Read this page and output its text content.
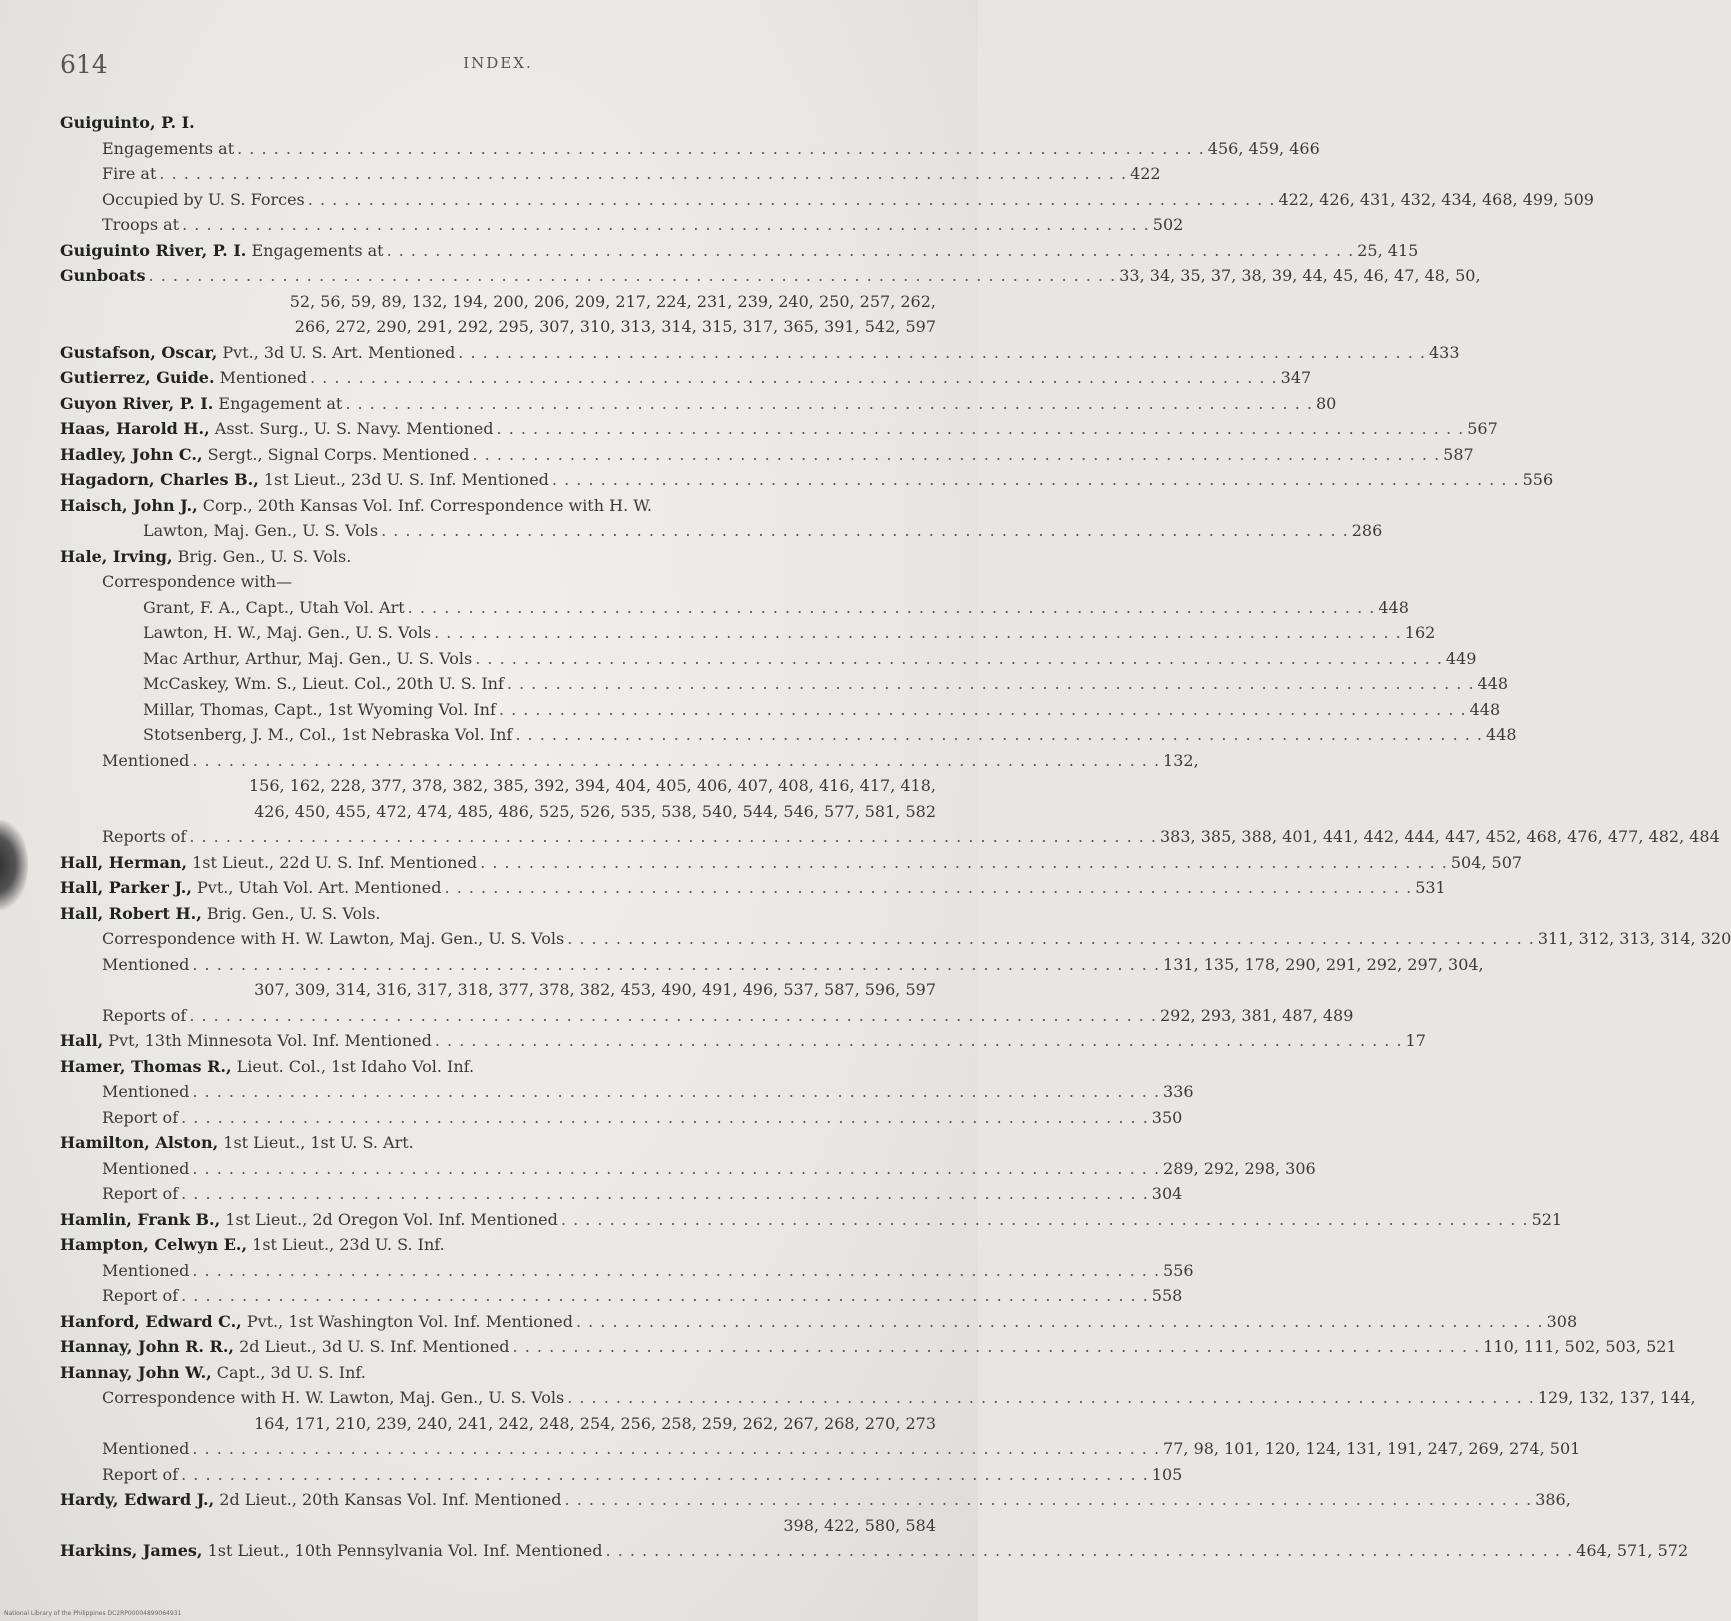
614	INDEX.
Guiguinto, P. I.
Engagements at . . . . . . . . . . . . . . . . . . . . . . . . . . . . . . . . . . . . . . . . . . . . . . . . . . . . . . . . . . . . . . . . . . . . . . . . . . . . . . . . 456, 459, 466
Fire at . . . . . . . . . . . . . . . . . . . . . . . . . . . . . . . . . . . . . . . . . . . . . . . . . . . . . . . . . . . . . . . . . . . . . . . . . . . . . . . . 422
Occupied by U. S. Forces . . . . . . . . . . . . . . . . . . . . . . . . . . . . . . . . . . . . . . . . . . . . . . . . . . . . . . . . . . . . . . . . . . . . . . . . . . . . . . . . 422, 426, 431, 432, 434, 468, 499, 509
Troops at . . . . . . . . . . . . . . . . . . . . . . . . . . . . . . . . . . . . . . . . . . . . . . . . . . . . . . . . . . . . . . . . . . . . . . . . . . . . . . . . 502
Guiguinto River, P. I. Engagements at . . . . . . . . . . . . . . . . . . . . . . . . . . . . . . . . . . . . . . . . . . . . . . . . . . . . . . . . . . . . . . . . . . . . . . . . . . . . . . . . 25, 415
Gunboats . . . . . . . . . . . . . . . . . . . . . . . . . . . . . . . . . . . . . . . . . . . . . . . . . . . . . . . . . . . . . . . . . . . . . . . . . . . . . . . . 33, 34, 35, 37, 38, 39, 44, 45, 46, 47, 48, 50,
52, 56, 59, 89, 132, 194, 200, 206, 209, 217, 224, 231, 239, 240, 250, 257, 262,
266, 272, 290, 291, 292, 295, 307, 310, 313, 314, 315, 317, 365, 391, 542, 597
Gustafson, Oscar, Pvt., 3d U. S. Art. Mentioned . . . . . . . . . . . . . . . . . . . . . . . . . . . . . . . . . . . . . . . . . . . . . . . . . . . . . . . . . . . . . . . . . . . . . . . . . . . . . . . . 433
Gutierrez, Guide. Mentioned . . . . . . . . . . . . . . . . . . . . . . . . . . . . . . . . . . . . . . . . . . . . . . . . . . . . . . . . . . . . . . . . . . . . . . . . . . . . . . . . 347
Guyon River, P. I. Engagement at . . . . . . . . . . . . . . . . . . . . . . . . . . . . . . . . . . . . . . . . . . . . . . . . . . . . . . . . . . . . . . . . . . . . . . . . . . . . . . . . 80
Haas, Harold H., Asst. Surg., U. S. Navy. Mentioned . . . . . . . . . . . . . . . . . . . . . . . . . . . . . . . . . . . . . . . . . . . . . . . . . . . . . . . . . . . . . . . . . . . . . . . . . . . . . . . . 567
Hadley, John C., Sergt., Signal Corps. Mentioned . . . . . . . . . . . . . . . . . . . . . . . . . . . . . . . . . . . . . . . . . . . . . . . . . . . . . . . . . . . . . . . . . . . . . . . . . . . . . . . . 587
Hagadorn, Charles B., 1st Lieut., 23d U. S. Inf. Mentioned . . . . . . . . . . . . . . . . . . . . . . . . . . . . . . . . . . . . . . . . . . . . . . . . . . . . . . . . . . . . . . . . . . . . . . . . . . . . . . . . 556
Haisch, John J., Corp., 20th Kansas Vol. Inf. Correspondence with H. W.
Lawton, Maj. Gen., U. S. Vols . . . . . . . . . . . . . . . . . . . . . . . . . . . . . . . . . . . . . . . . . . . . . . . . . . . . . . . . . . . . . . . . . . . . . . . . . . . . . . . . 286
Hale, Irving, Brig. Gen., U. S. Vols.
Correspondence with—
Grant, F. A., Capt., Utah Vol. Art . . . . . . . . . . . . . . . . . . . . . . . . . . . . . . . . . . . . . . . . . . . . . . . . . . . . . . . . . . . . . . . . . . . . . . . . . . . . . . . . 448
Lawton, H. W., Maj. Gen., U. S. Vols . . . . . . . . . . . . . . . . . . . . . . . . . . . . . . . . . . . . . . . . . . . . . . . . . . . . . . . . . . . . . . . . . . . . . . . . . . . . . . . . 162
Mac Arthur, Arthur, Maj. Gen., U. S. Vols . . . . . . . . . . . . . . . . . . . . . . . . . . . . . . . . . . . . . . . . . . . . . . . . . . . . . . . . . . . . . . . . . . . . . . . . . . . . . . . . 449
McCaskey, Wm. S., Lieut. Col., 20th U. S. Inf . . . . . . . . . . . . . . . . . . . . . . . . . . . . . . . . . . . . . . . . . . . . . . . . . . . . . . . . . . . . . . . . . . . . . . . . . . . . . . . . 448
Millar, Thomas, Capt., 1st Wyoming Vol. Inf . . . . . . . . . . . . . . . . . . . . . . . . . . . . . . . . . . . . . . . . . . . . . . . . . . . . . . . . . . . . . . . . . . . . . . . . . . . . . . . . 448
Stotsenberg, J. M., Col., 1st Nebraska Vol. Inf . . . . . . . . . . . . . . . . . . . . . . . . . . . . . . . . . . . . . . . . . . . . . . . . . . . . . . . . . . . . . . . . . . . . . . . . . . . . . . . . 448
Mentioned . . . . . . . . . . . . . . . . . . . . . . . . . . . . . . . . . . . . . . . . . . . . . . . . . . . . . . . . . . . . . . . . . . . . . . . . . . . . . . . . 132,
156, 162, 228, 377, 378, 382, 385, 392, 394, 404, 405, 406, 407, 408, 416, 417, 418,
426, 450, 455, 472, 474, 485, 486, 525, 526, 535, 538, 540, 544, 546, 577, 581, 582
Reports of . . . . . . . . . . . . . . . . . . . . . . . . . . . . . . . . . . . . . . . . . . . . . . . . . . . . . . . . . . . . . . . . . . . . . . . . . . . . . . . . 383, 385, 388, 401, 441, 442, 444, 447, 452, 468, 476, 477, 482, 484
Hall, Herman, 1st Lieut., 22d U. S. Inf. Mentioned . . . . . . . . . . . . . . . . . . . . . . . . . . . . . . . . . . . . . . . . . . . . . . . . . . . . . . . . . . . . . . . . . . . . . . . . . . . . . . . . 504, 507
Hall, Parker J., Pvt., Utah Vol. Art. Mentioned . . . . . . . . . . . . . . . . . . . . . . . . . . . . . . . . . . . . . . . . . . . . . . . . . . . . . . . . . . . . . . . . . . . . . . . . . . . . . . . . 531
Hall, Robert H., Brig. Gen., U. S. Vols.
Correspondence with H. W. Lawton, Maj. Gen., U. S. Vols . . . . . . . . . . . . . . . . . . . . . . . . . . . . . . . . . . . . . . . . . . . . . . . . . . . . . . . . . . . . . . . . . . . . . . . . . . . . . . . . 311, 312, 313, 314, 320
Mentioned . . . . . . . . . . . . . . . . . . . . . . . . . . . . . . . . . . . . . . . . . . . . . . . . . . . . . . . . . . . . . . . . . . . . . . . . . . . . . . . . 131, 135, 178, 290, 291, 292, 297, 304,
307, 309, 314, 316, 317, 318, 377, 378, 382, 453, 490, 491, 496, 537, 587, 596, 597
Reports of . . . . . . . . . . . . . . . . . . . . . . . . . . . . . . . . . . . . . . . . . . . . . . . . . . . . . . . . . . . . . . . . . . . . . . . . . . . . . . . . 292, 293, 381, 487, 489
Hall, Pvt, 13th Minnesota Vol. Inf. Mentioned . . . . . . . . . . . . . . . . . . . . . . . . . . . . . . . . . . . . . . . . . . . . . . . . . . . . . . . . . . . . . . . . . . . . . . . . . . . . . . . . 17
Hamer, Thomas R., Lieut. Col., 1st Idaho Vol. Inf.
Mentioned . . . . . . . . . . . . . . . . . . . . . . . . . . . . . . . . . . . . . . . . . . . . . . . . . . . . . . . . . . . . . . . . . . . . . . . . . . . . . . . . 336
Report of . . . . . . . . . . . . . . . . . . . . . . . . . . . . . . . . . . . . . . . . . . . . . . . . . . . . . . . . . . . . . . . . . . . . . . . . . . . . . . . . 350
Hamilton, Alston, 1st Lieut., 1st U. S. Art.
Mentioned . . . . . . . . . . . . . . . . . . . . . . . . . . . . . . . . . . . . . . . . . . . . . . . . . . . . . . . . . . . . . . . . . . . . . . . . . . . . . . . . 289, 292, 298, 306
Report of . . . . . . . . . . . . . . . . . . . . . . . . . . . . . . . . . . . . . . . . . . . . . . . . . . . . . . . . . . . . . . . . . . . . . . . . . . . . . . . . 304
Hamlin, Frank B., 1st Lieut., 2d Oregon Vol. Inf. Mentioned . . . . . . . . . . . . . . . . . . . . . . . . . . . . . . . . . . . . . . . . . . . . . . . . . . . . . . . . . . . . . . . . . . . . . . . . . . . . . . . . 521
Hampton, Celwyn E., 1st Lieut., 23d U. S. Inf.
Mentioned . . . . . . . . . . . . . . . . . . . . . . . . . . . . . . . . . . . . . . . . . . . . . . . . . . . . . . . . . . . . . . . . . . . . . . . . . . . . . . . . 556
Report of . . . . . . . . . . . . . . . . . . . . . . . . . . . . . . . . . . . . . . . . . . . . . . . . . . . . . . . . . . . . . . . . . . . . . . . . . . . . . . . . 558
Hanford, Edward C., Pvt., 1st Washington Vol. Inf. Mentioned . . . . . . . . . . . . . . . . . . . . . . . . . . . . . . . . . . . . . . . . . . . . . . . . . . . . . . . . . . . . . . . . . . . . . . . . . . . . . . . . 308
Hannay, John R. R., 2d Lieut., 3d U. S. Inf. Mentioned . . . . . . . . . . . . . . . . . . . . . . . . . . . . . . . . . . . . . . . . . . . . . . . . . . . . . . . . . . . . . . . . . . . . . . . . . . . . . . . . 110, 111, 502, 503, 521
Hannay, John W., Capt., 3d U. S. Inf.
Correspondence with H. W. Lawton, Maj. Gen., U. S. Vols . . . . . . . . . . . . . . . . . . . . . . . . . . . . . . . . . . . . . . . . . . . . . . . . . . . . . . . . . . . . . . . . . . . . . . . . . . . . . . . . 129, 132, 137, 144,
164, 171, 210, 239, 240, 241, 242, 248, 254, 256, 258, 259, 262, 267, 268, 270, 273
Mentioned . . . . . . . . . . . . . . . . . . . . . . . . . . . . . . . . . . . . . . . . . . . . . . . . . . . . . . . . . . . . . . . . . . . . . . . . . . . . . . . . 77, 98, 101, 120, 124, 131, 191, 247, 269, 274, 501
Report of . . . . . . . . . . . . . . . . . . . . . . . . . . . . . . . . . . . . . . . . . . . . . . . . . . . . . . . . . . . . . . . . . . . . . . . . . . . . . . . . 105
Hardy, Edward J., 2d Lieut., 20th Kansas Vol. Inf. Mentioned . . . . . . . . . . . . . . . . . . . . . . . . . . . . . . . . . . . . . . . . . . . . . . . . . . . . . . . . . . . . . . . . . . . . . . . . . . . . . . . . 386,
398, 422, 580, 584
Harkins, James, 1st Lieut., 10th Pennsylvania Vol. Inf. Mentioned . . . . . . . . . . . . . . . . . . . . . . . . . . . . . . . . . . . . . . . . . . . . . . . . . . . . . . . . . . . . . . . . . . . . . . . . . . . . . . . . 464, 571, 572
National Library of the Philippines DC2RP00004899064931
